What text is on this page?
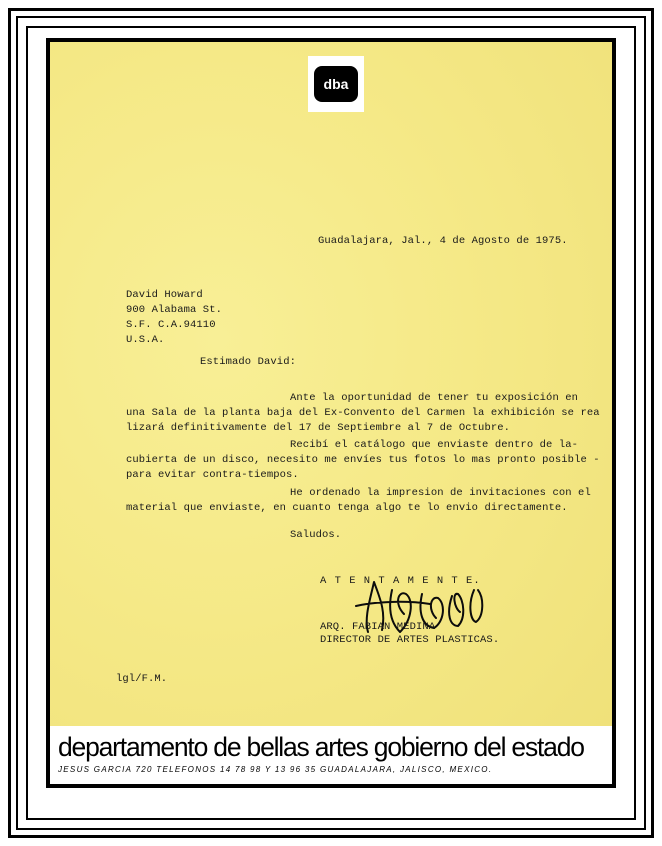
dba
Guadalajara, Jal., 4 de Agosto de 1975.
David Howard
900 Alabama St.
S.F. C.A.94110
U.S.A.
Estimado David:
Ante la oportunidad de tener tu exposición en
una Sala de la planta baja del Ex-Convento del Carmen la exhibición se rea
lizará definitivamente del 17 de Septiembre al 7 de Octubre.
Recibí el catálogo que enviaste dentro de la-
cubierta de un disco, necesito me envíes tus fotos lo mas pronto posible -
para evitar contra-tiempos.
He ordenado la impresion de invitaciones con el
material que enviaste, en cuanto tenga algo te lo envio directamente.
Saludos.
A T E N T A M E N T E.
ARQ. FABIAN MEDINA
DIRECTOR DE ARTES PLASTICAS.
lgl/F.M.
departamento de bellas artes gobierno del estado
JESUS GARCIA 720 TELEFONOS 14 78 98 Y 13 96 35 GUADALAJARA, JALISCO, MEXICO.
